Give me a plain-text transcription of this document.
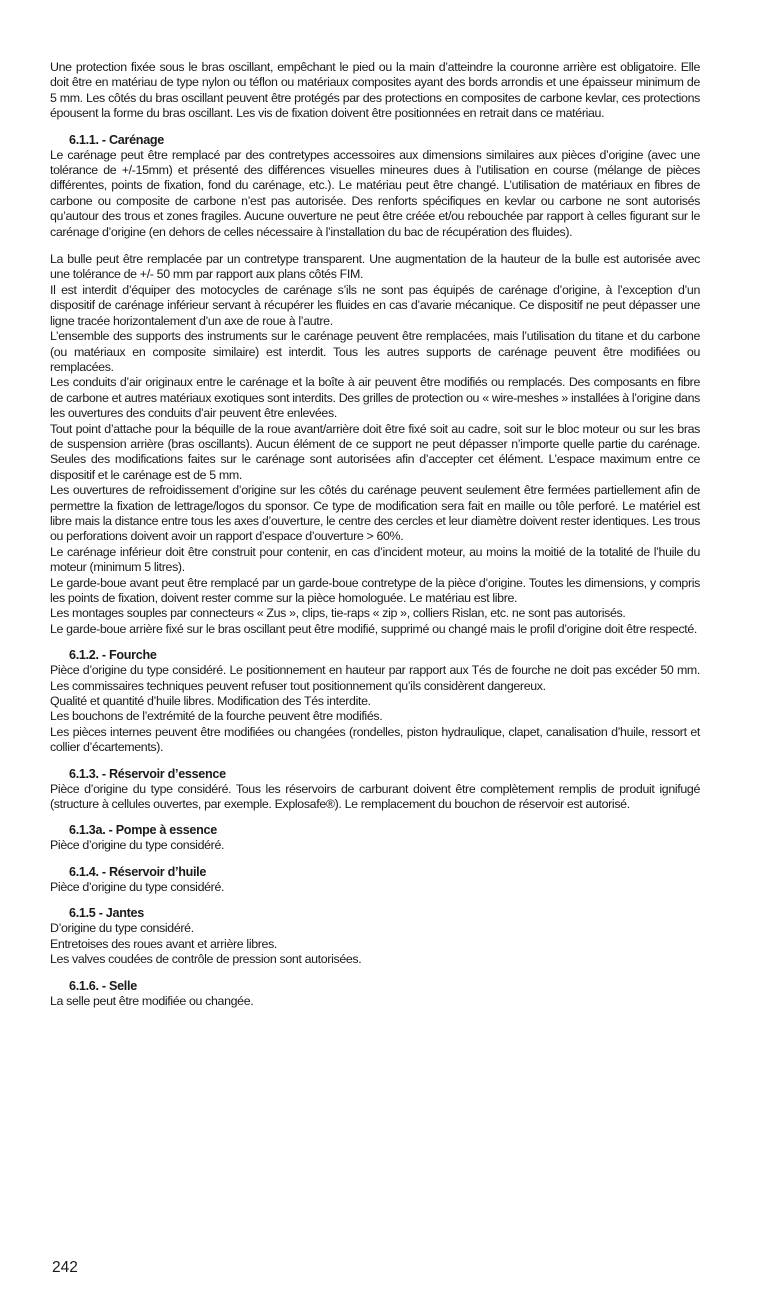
Une protection fixée sous le bras oscillant, empêchant le pied ou la main d’atteindre la couronne arrière est obligatoire. Elle doit être en matériau de type nylon ou téflon ou matériaux composites ayant des bords arrondis et une épaisseur minimum de 5 mm. Les côtés du bras oscillant peuvent être protégés par des protections en composites de carbone kevlar, ces protections épousent la forme du bras oscillant. Les vis de fixation doivent être positionnées en retrait dans ce matériau.

6.1.1. - Carénage

Le carénage peut être remplacé par des contretypes accessoires aux dimensions similaires aux pièces d’origine (avec une tolérance de +/-15mm) et présenté des différences visuelles mineures dues à l’utilisation en course (mélange de pièces différentes, points de fixation, fond du carénage, etc.). Le matériau peut être changé. L’utilisation de matériaux en fibres de carbone ou composite de carbone n’est pas autorisée. Des renforts spécifiques en kevlar ou carbone ne sont autorisés qu’autour des trous et zones fragiles. Aucune ouverture ne peut être créée et/ou rebouchée par rapport à celles figurant sur le carénage d’origine (en dehors de celles nécessaire à l’installation du bac de récupération des fluides).

La bulle peut être remplacée par un contretype transparent. Une augmentation de la hauteur de la bulle est autorisée avec une tolérance de +/- 50 mm par rapport aux plans côtés FIM.

Il est interdit d’équiper des motocycles de carénage s’ils ne sont pas équipés de carénage d’origine, à l’exception d’un dispositif de carénage inférieur servant à récupérer les fluides en cas d’avarie mécanique. Ce dispositif ne peut dépasser une ligne tracée horizontalement d’un axe de roue à l’autre.

L’ensemble des supports des instruments sur le carénage peuvent être remplacées, mais l’utilisation du titane et du carbone (ou matériaux en composite similaire) est interdit. Tous les autres supports de carénage peuvent être modifiées ou remplacées.

Les conduits d’air originaux entre le carénage et la boîte à air peuvent être modifiés ou remplacés. Des composants en fibre de carbone et autres matériaux exotiques sont interdits. Des grilles de protection ou « wire-meshes » installées à l’origine dans les ouvertures des conduits d’air peuvent être enlevées.

Tout point d’attache pour la béquille de la roue avant/arrière doit être fixé soit au cadre, soit sur le bloc moteur ou sur les bras de suspension arrière (bras oscillants). Aucun élément de ce support ne peut dépasser n’importe quelle partie du carénage. Seules des modifications faites sur le carénage sont autorisées afin d’accepter cet élément. L’espace maximum entre ce dispositif et le carénage est de 5 mm.

Les ouvertures de refroidissement d’origine sur les côtés du carénage peuvent seulement être fermées partiellement afin de permettre la fixation de lettrage/logos du sponsor. Ce type de modification sera fait en maille ou tôle perforé. Le matériel est libre mais la distance entre tous les axes d’ouverture, le centre des cercles et leur diamètre doivent rester identiques. Les trous ou perforations doivent avoir un rapport d’espace d’ouverture > 60%.

Le carénage inférieur doit être construit pour contenir, en cas d’incident moteur, au moins la moitié de la totalité de l’huile du moteur (minimum 5 litres).

Le garde-boue avant peut être remplacé par un garde-boue contretype de la pièce d’origine. Toutes les dimensions, y compris les points de fixation, doivent rester comme sur la pièce homologuée. Le matériau est libre.

Les montages souples par connecteurs « Zus », clips, tie-raps « zip », colliers Rislan, etc. ne sont pas autorisés.

Le garde-boue arrière fixé sur le bras oscillant peut être modifié, supprimé ou changé mais le profil d’origine doit être respecté.

6.1.2. - Fourche

Pièce d’origine du type considéré. Le positionnement en hauteur par rapport aux Tés de fourche ne doit pas excéder 50 mm. Les commissaires techniques peuvent refuser tout positionnement qu’ils considèrent dangereux.

Qualité et quantité d’huile libres. Modification des Tés interdite.

Les bouchons de l’extrémité de la fourche peuvent être modifiés.

Les pièces internes peuvent être modifiées ou changées (rondelles, piston hydraulique, clapet, canalisation d’huile, ressort et collier d’écartements).

6.1.3. - Réservoir d’essence

Pièce d’origine du type considéré. Tous les réservoirs de carburant doivent être complètement remplis de produit ignifugé (structure à cellules ouvertes, par exemple. Explosafe®). Le remplacement du bouchon de réservoir est autorisé.

6.1.3a. - Pompe à essence

Pièce d’origine du type considéré.

6.1.4. - Réservoir d’huile

Pièce d’origine du type considéré.

6.1.5 - Jantes

D’origine du type considéré.

Entretoises des roues avant et arrière libres.

Les valves coudées de contrôle de pression sont autorisées.

6.1.6. - Selle

La selle peut être modifiée ou changée.

242
